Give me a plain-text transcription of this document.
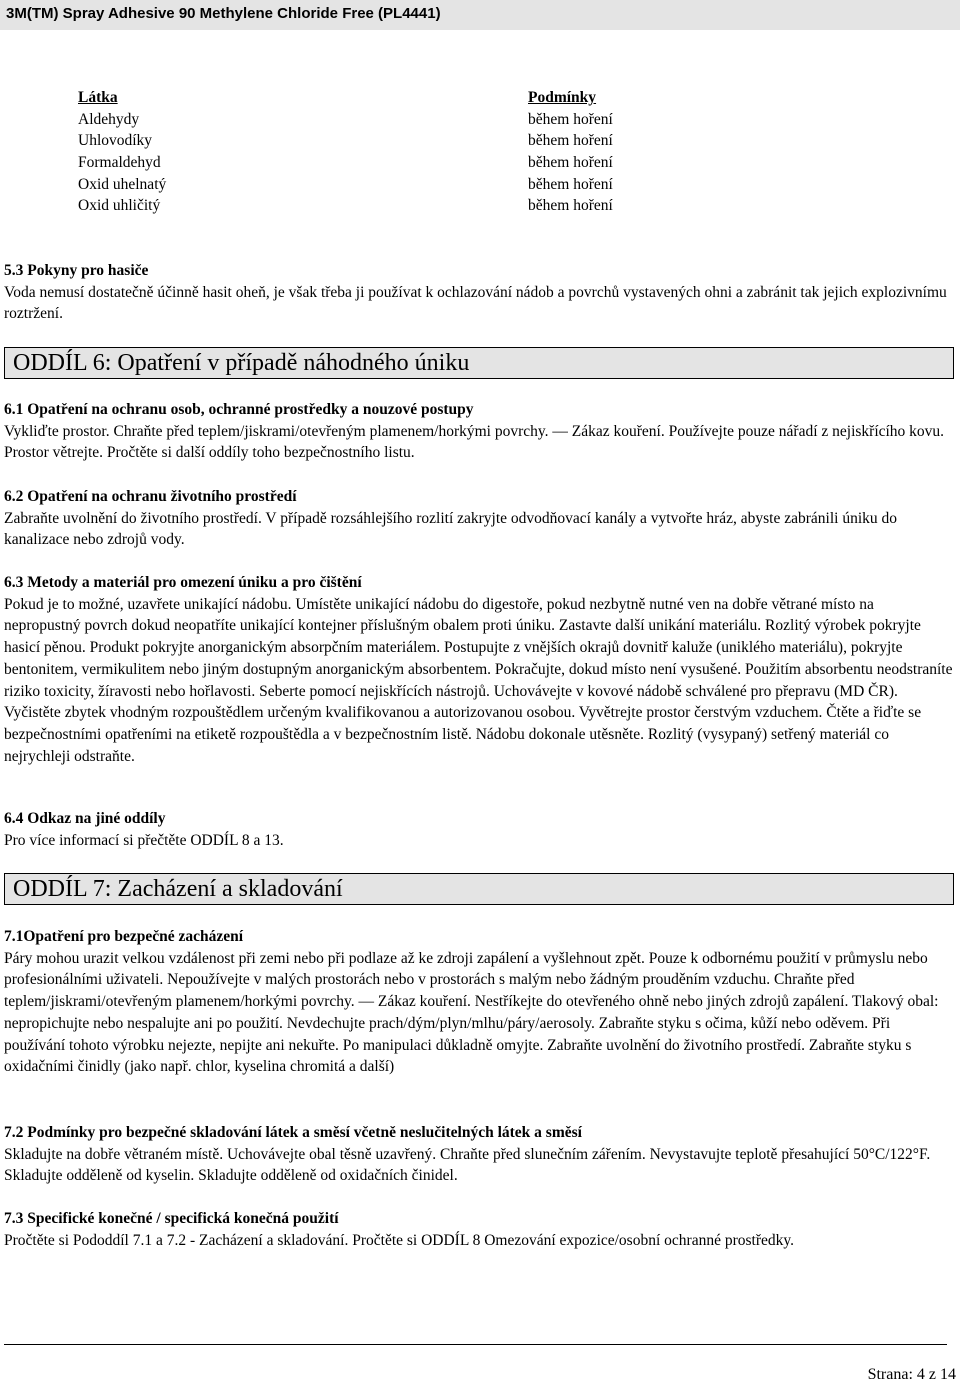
3M(TM) Spray Adhesive 90 Methylene Chloride Free (PL4441)
Látka
Aldehydy
Uhlovodíky
Formaldehyd
Oxid uhelnatý
Oxid uhličitý
Podmínky
během hoření
během hoření
během hoření
během hoření
během hoření
5.3 Pokyny pro hasiče
Voda nemusí dostatečně účinně hasit oheň, je však třeba ji používat k ochlazování nádob a povrchů vystavených ohni a zabránit tak jejich explozivnímu roztržení.
ODDÍL 6: Opatření v případě náhodného úniku
6.1 Opatření na ochranu osob, ochranné prostředky a nouzové postupy
Vykliďte prostor. Chraňte před teplem/jiskrami/otevřeným plamenem/horkými povrchy. — Zákaz kouření. Používejte pouze nářadí z nejiskřícího kovu. Prostor větrejte. Pročtěte si další oddíly toho bezpečnostního listu.
6.2 Opatření na ochranu životního prostředí
Zabraňte uvolnění do životního prostředí. V případě rozsáhlejšího rozlití zakryjte odvodňovací kanály a vytvořte hráz, abyste zabránili úniku do kanalizace nebo zdrojů vody.
6.3 Metody a materiál pro omezení úniku a pro čištění
Pokud je to možné, uzavřete unikající nádobu. Umístěte unikající nádobu do digestoře, pokud nezbytně nutné ven na dobře větrané místo na nepropustný povrch dokud neopatříte unikající kontejner příslušným obalem proti úniku. Zastavte další unikání materiálu. Rozlitý výrobek pokryjte hasicí pěnou. Produkt pokryjte anorganickým absorpčním materiálem. Postupujte z vnějších okrajů dovnitř kaluže (uniklého materiálu), pokryjte bentonitem, vermikulitem nebo jiným dostupným anorganickým absorbentem. Pokračujte, dokud místo není vysušené. Použitím absorbentu neodstraníte riziko toxicity, žíravosti nebo hořlavosti. Seberte pomocí nejiskřících nástrojů. Uchovávejte v kovové nádobě schválené pro přepravu (MD ČR). Vyčistěte zbytek vhodným rozpouštědlem určeným kvalifikovanou a autorizovanou osobou. Vyvětrejte prostor čerstvým vzduchem. Čtěte a řiďte se bezpečnostními opatřeními na etiketě rozpouštědla a v bezpečnostním listě. Nádobu dokonale utěsněte. Rozlitý (vysypaný) setřený materiál co nejrychleji odstraňte.
6.4 Odkaz na jiné oddíly
Pro více informací si přečtěte ODDÍL 8 a 13.
ODDÍL 7: Zacházení a skladování
7.1Opatření pro bezpečné zacházení
Páry mohou urazit velkou vzdálenost při zemi nebo při podlaze až ke zdroji zapálení a vyšlehnout zpět. Pouze k odbornému použití v průmyslu nebo profesionálními uživateli. Nepoužívejte v malých prostorách nebo v prostorách s malým nebo žádným prouděním vzduchu. Chraňte před teplem/jiskrami/otevřeným plamenem/horkými povrchy. — Zákaz kouření. Nestříkejte do otevřeného ohně nebo jiných zdrojů zapálení. Tlakový obal: nepropichujte nebo nespalujte ani po použití. Nevdechujte prach/dým/plyn/mlhu/páry/aerosoly. Zabraňte styku s očima, kůží nebo oděvem. Při používání tohoto výrobku nejezte, nepijte ani nekuřte. Po manipulaci důkladně omyjte. Zabraňte uvolnění do životního prostředí. Zabraňte styku s oxidačními činidly (jako např. chlor, kyselina chromitá a další)
7.2 Podmínky pro bezpečné skladování látek a směsí včetně neslučitelných látek a směsí
Skladujte na dobře větraném místě. Uchovávejte obal těsně uzavřený. Chraňte před slunečním zářením. Nevystavujte teplotě přesahující 50°C/122°F. Skladujte odděleně od kyselin. Skladujte odděleně od oxidačních činidel.
7.3 Specifické konečné / specifická konečná použití
Pročtěte si Pododdíl 7.1 a 7.2 - Zacházení a skladování. Pročtěte si ODDÍL 8 Omezování expozice/osobní ochranné prostředky.
Strana: 4 z 14
